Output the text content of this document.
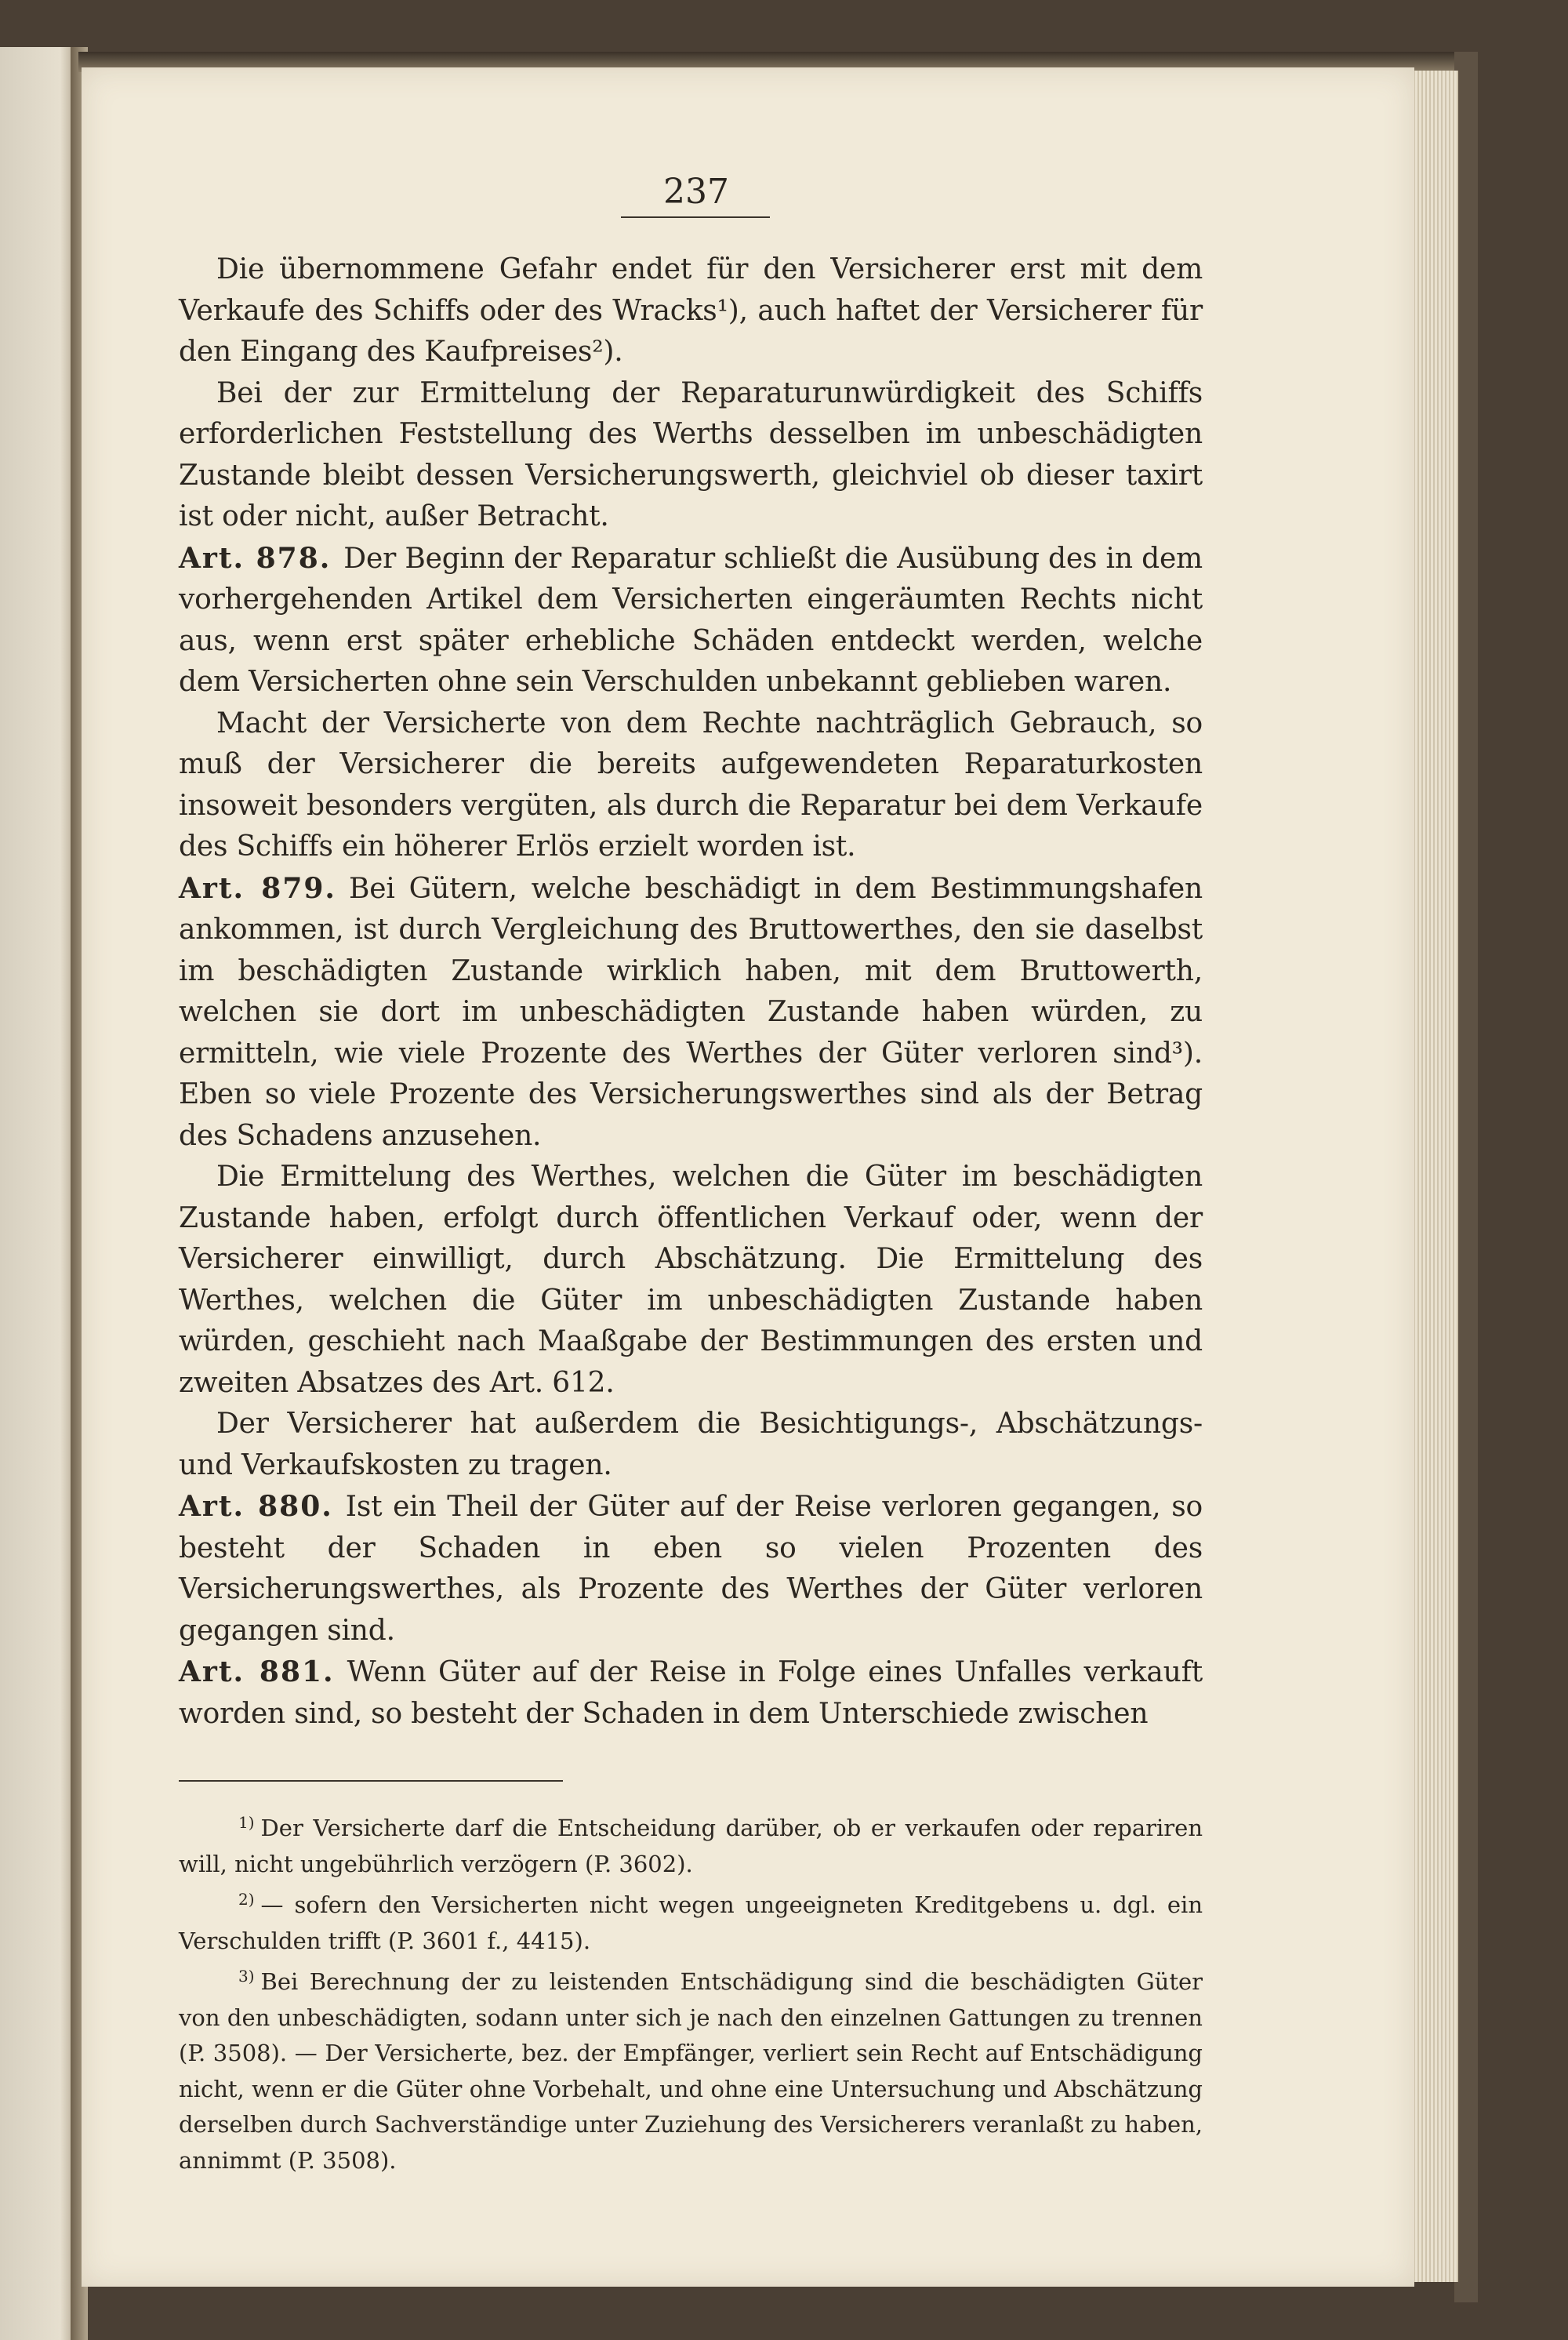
237

Die übernommene Gefahr endet für den Versicherer erst mit dem Verkaufe des Schiffs oder des Wracks¹), auch haftet der Versicherer für den Eingang des Kaufpreises²).

Bei der zur Ermittelung der Reparaturunwürdigkeit des Schiffs erforderlichen Feststellung des Werths desselben im unbeschädigten Zustande bleibt dessen Versicherungswerth, gleichviel ob dieser taxirt ist oder nicht, außer Betracht.

Art. 878. Der Beginn der Reparatur schließt die Ausübung des in dem vorhergehenden Artikel dem Versicherten eingeräumten Rechts nicht aus, wenn erst später erhebliche Schäden entdeckt werden, welche dem Versicherten ohne sein Verschulden unbekannt geblieben waren.

Macht der Versicherte von dem Rechte nachträglich Gebrauch, so muß der Versicherer die bereits aufgewendeten Reparaturkosten insoweit besonders vergüten, als durch die Reparatur bei dem Verkaufe des Schiffs ein höherer Erlös erzielt worden ist.

Art. 879. Bei Gütern, welche beschädigt in dem Bestimmungshafen ankommen, ist durch Vergleichung des Bruttowerthes, den sie daselbst im beschädigten Zustande wirklich haben, mit dem Bruttowerth, welchen sie dort im unbeschädigten Zustande haben würden, zu ermitteln, wie viele Prozente des Werthes der Güter verloren sind³). Eben so viele Prozente des Versicherungswerthes sind als der Betrag des Schadens anzusehen.

Die Ermittelung des Werthes, welchen die Güter im beschädigten Zustande haben, erfolgt durch öffentlichen Verkauf oder, wenn der Versicherer einwilligt, durch Abschätzung. Die Ermittelung des Werthes, welchen die Güter im unbeschädigten Zustande haben würden, geschieht nach Maaßgabe der Bestimmungen des ersten und zweiten Absatzes des Art. 612.

Der Versicherer hat außerdem die Besichtigungs-, Abschätzungs- und Verkaufskosten zu tragen.

Art. 880. Ist ein Theil der Güter auf der Reise verloren gegangen, so besteht der Schaden in eben so vielen Prozenten des Versicherungswerthes, als Prozente des Werthes der Güter verloren gegangen sind.

Art. 881. Wenn Güter auf der Reise in Folge eines Unfalles verkauft worden sind, so besteht der Schaden in dem Unterschiede zwischen

$^{1)}$ Der Versicherte darf die Entscheidung darüber, ob er verkaufen oder repariren will, nicht ungebührlich verzögern (P. 3602).

$^{2)}$ — sofern den Versicherten nicht wegen ungeeigneten Kreditgebens u. dgl. ein Verschulden trifft (P. 3601 f., 4415).

$^{3)}$ Bei Berechnung der zu leistenden Entschädigung sind die beschädigten Güter von den unbeschädigten, sodann unter sich je nach den einzelnen Gattungen zu trennen (P. 3508). — Der Versicherte, bez. der Empfänger, verliert sein Recht auf Entschädigung nicht, wenn er die Güter ohne Vorbehalt, und ohne eine Untersuchung und Abschätzung derselben durch Sachverständige unter Zuziehung des Versicherers veranlaßt zu haben, annimmt (P. 3508).
